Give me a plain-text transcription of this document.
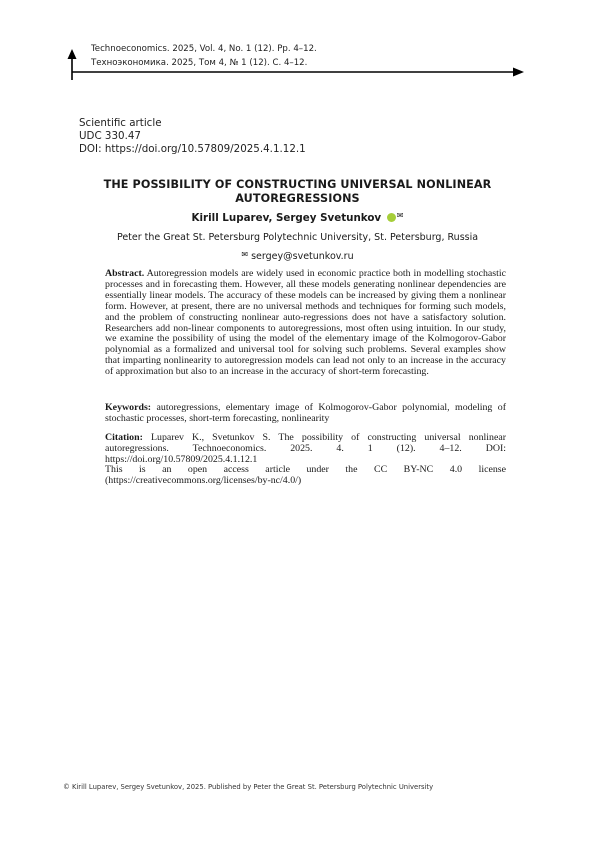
Technoeconomics. 2025, Vol. 4, No. 1 (12). Pp. 4–12.
Техноэкономика. 2025, Том 4, № 1 (12). С. 4–12.
Scientific article
UDC 330.47
DOI: https://doi.org/10.57809/2025.4.1.12.1
THE POSSIBILITY OF CONSTRUCTING UNIVERSAL NONLINEAR AUTOREGRESSIONS
Kirill Luparev, Sergey Svetunkov ✉
Peter the Great St. Petersburg Polytechnic University, St. Petersburg, Russia
✉ sergey@svetunkov.ru
Abstract. Autoregression models are widely used in economic practice both in modelling stochastic processes and in forecasting them. However, all these models generating nonlinear dependencies are essentially linear models. The accuracy of these models can be increased by giving them a nonlinear form. However, at present, there are no universal methods and techniques for forming such models, and the problem of constructing nonlinear auto-regressions does not have a satisfactory solution. Researchers add non-linear components to autoregressions, most often using intuition. In our study, we examine the possibility of using the model of the elementary image of the Kolmogorov-Gabor polynomial as a formalized and universal tool for solving such problems. Several examples show that imparting nonlinearity to autoregression models can lead not only to an increase in the accuracy of approximation but also to an increase in the accuracy of short-term forecasting.
Keywords: autoregressions, elementary image of Kolmogorov-Gabor polynomial, modeling of stochastic processes, short-term forecasting, nonlinearity
Citation: Luparev K., Svetunkov S. The possibility of constructing universal nonlinear autoregressions. Technoeconomics. 2025. 4. 1 (12). 4–12. DOI: https://doi.org/10.57809/2025.4.1.12.1
This is an open access article under the CC BY-NC 4.0 license (https://creativecommons.org/licenses/by-nc/4.0/)
© Kirill Luparev, Sergey Svetunkov, 2025. Published by Peter the Great St. Petersburg Polytechnic University
